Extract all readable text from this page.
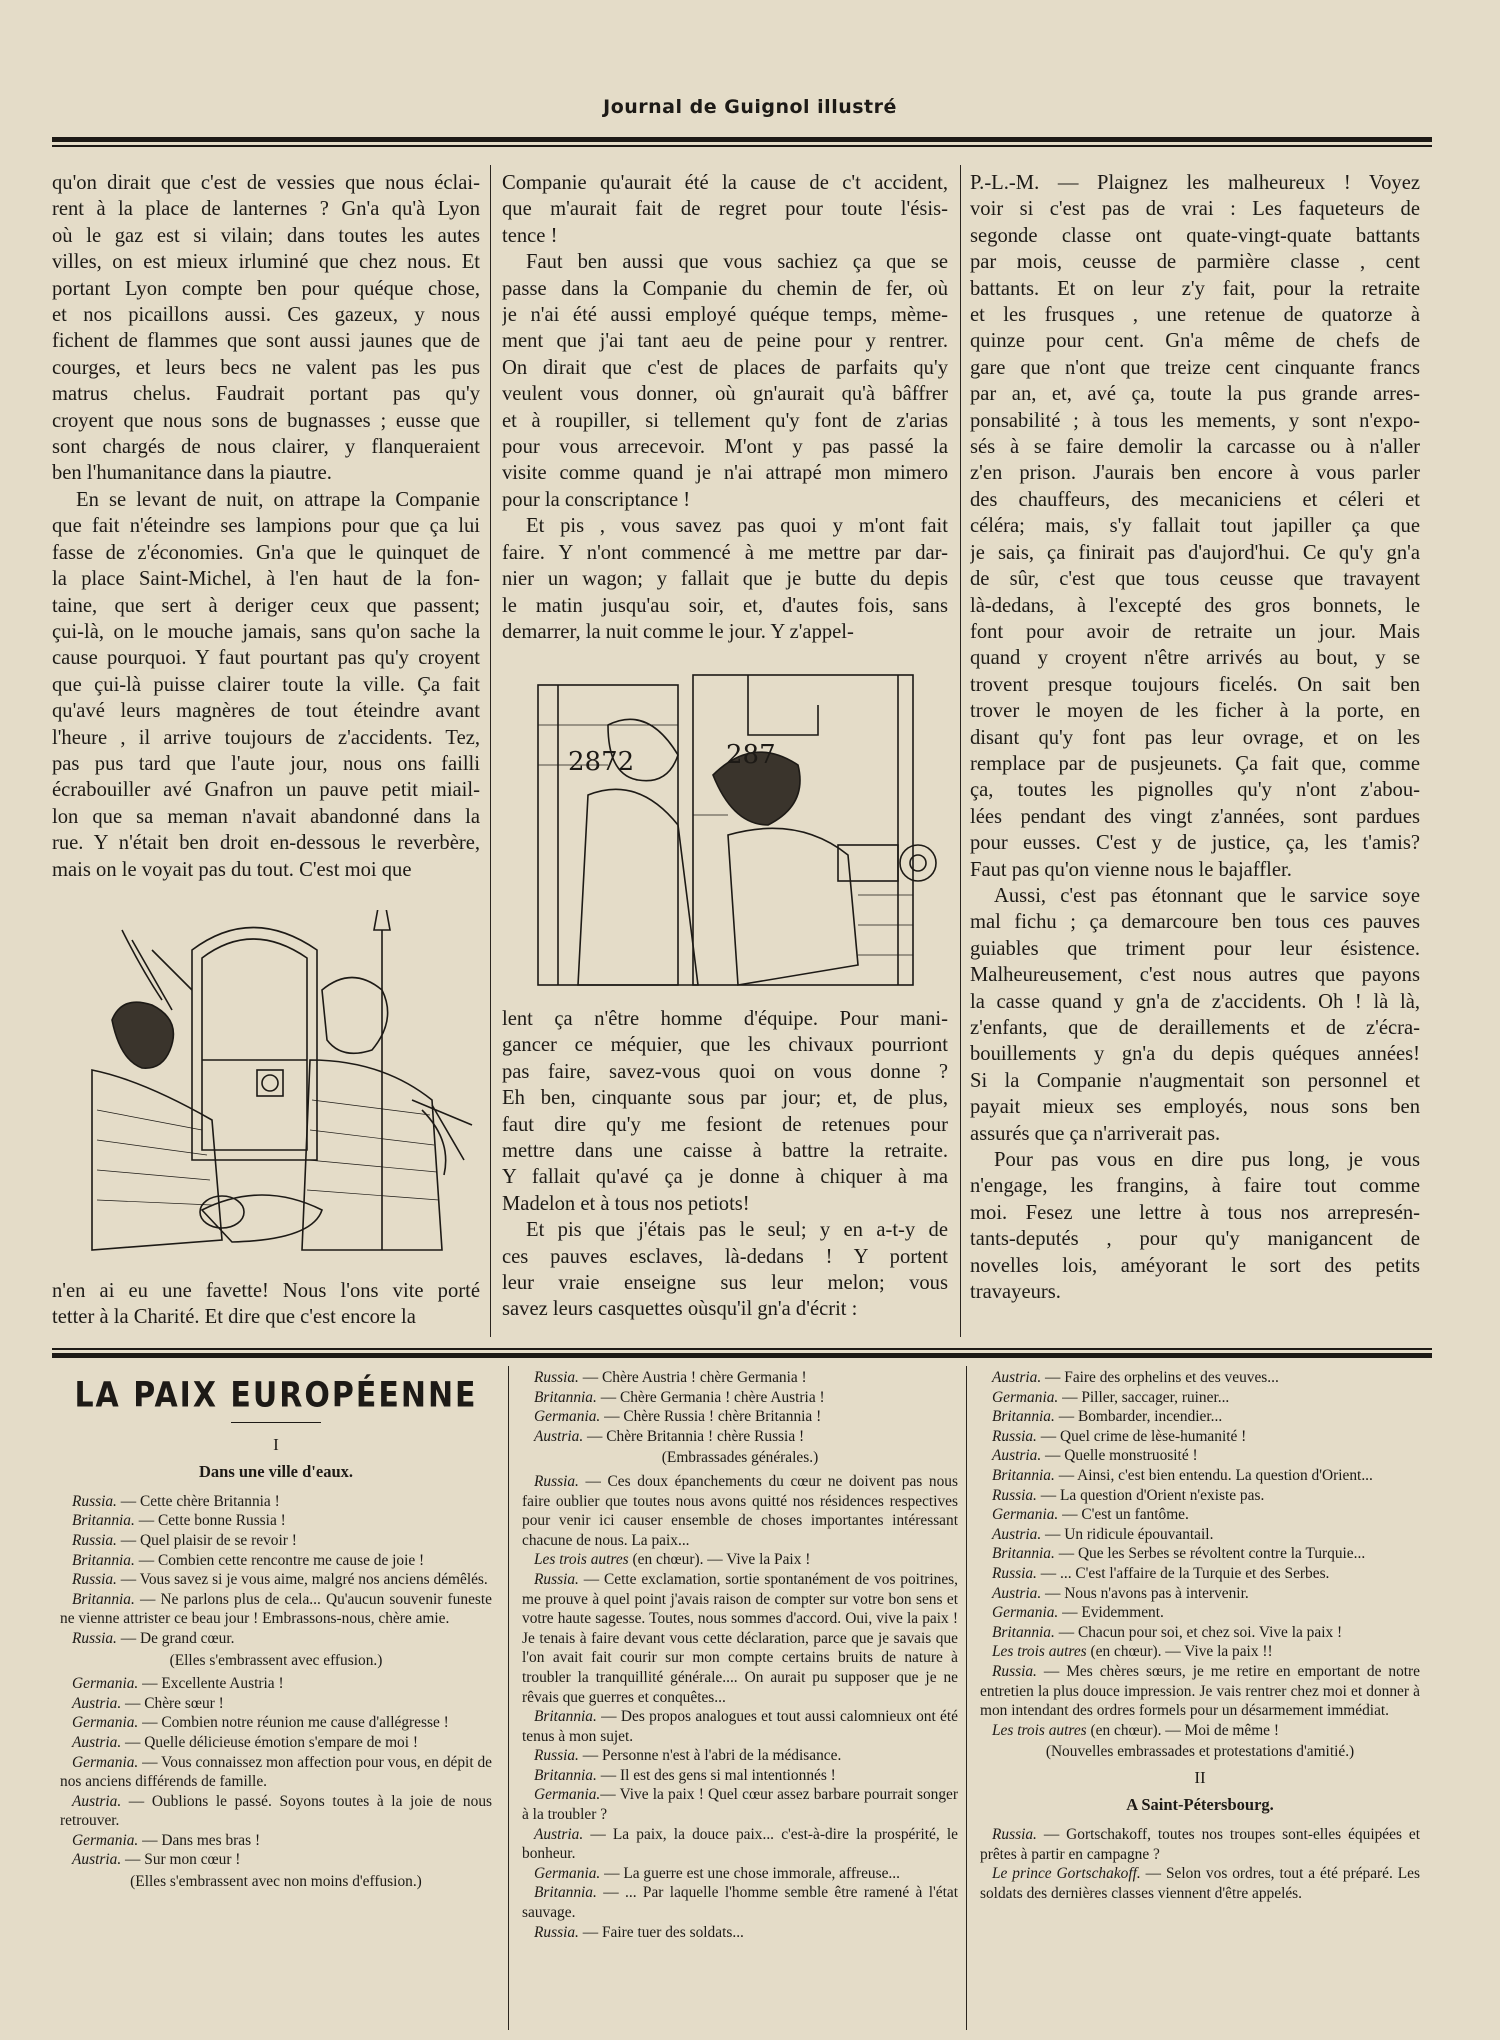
Journal de Guignol illustré

qu'on dirait que c'est de vessies que nous éclai-

rent à la place de lanternes ? Gn'a qu'à Lyon

où le gaz est si vilain; dans toutes les autes

villes, on est mieux irluminé que chez nous. Et

portant Lyon compte ben pour quéque chose,

et nos picaillons aussi. Ces gazeux, y nous

fichent de flammes que sont aussi jaunes que de

courges, et leurs becs ne valent pas les pus

matrus chelus. Faudrait portant pas qu'y

croyent que nous sons de bugnasses ; eusse que

sont chargés de nous clairer, y flanqueraient

ben l'humanitance dans la piautre.

En se levant de nuit, on attrape la Companie

que fait n'éteindre ses lampions pour que ça lui

fasse de z'économies. Gn'a que le quinquet de

la place Saint-Michel, à l'en haut de la fon-

taine, que sert à deriger ceux que passent;

çui-là, on le mouche jamais, sans qu'on sache la

cause pourquoi. Y faut pourtant pas qu'y croyent

que çui-là puisse clairer toute la ville. Ça fait

qu'avé leurs magnères de tout éteindre avant

l'heure , il arrive toujours de z'accidents. Tez,

pas pus tard que l'aute jour, nous ons failli

écrabouiller avé Gnafron un pauve petit miail-

lon que sa meman n'avait abandonné dans la

rue. Y n'était ben droit en-dessous le reverbère,

mais on le voyait pas du tout. C'est moi que

n'en ai eu une favette! Nous l'ons vite porté

tetter à la Charité. Et dire que c'est encore la

Companie qu'aurait été la cause de c't accident,

que m'aurait fait de regret pour toute l'ésis-

tence !

Faut ben aussi que vous sachiez ça que se

passe dans la Companie du chemin de fer, où

je n'ai été aussi employé quéque temps, mème-

ment que j'ai tant aeu de peine pour y rentrer.

On dirait que c'est de places de parfaits qu'y

veulent vous donner, où gn'aurait qu'à bâffrer

et à roupiller, si tellement qu'y font de z'arias

pour vous arrecevoir. M'ont y pas passé la

visite comme quand je n'ai attrapé mon mimero

pour la conscriptance !

Et pis , vous savez pas quoi y m'ont fait

faire. Y n'ont commencé à me mettre par dar-

nier un wagon; y fallait que je butte du depis

le matin jusqu'au soir, et, d'autes fois, sans

demarrer, la nuit comme le jour. Y z'appel-

2872	287

lent ça n'être homme d'équipe. Pour mani-

gancer ce méquier, que les chivaux pourriont

pas faire, savez-vous quoi on vous donne ?

Eh ben, cinquante sous par jour; et, de plus,

faut dire qu'y me fesiont de retenues pour

mettre dans une caisse à battre la retraite.

Y fallait qu'avé ça je donne à chiquer à ma

Madelon et à tous nos petiots!

Et pis que j'étais pas le seul; y en a-t-y de

ces pauves esclaves, là-dedans ! Y portent

leur vraie enseigne sus leur melon; vous

savez leurs casquettes oùsqu'il gn'a d'écrit :

P.-L.-M. — Plaignez les malheureux ! Voyez

voir si c'est pas de vrai : Les faqueteurs de

segonde classe ont quate-vingt-quate battants

par mois, ceusse de parmière classe , cent

battants. Et on leur z'y fait, pour la retraite

et les frusques , une retenue de quatorze à

quinze pour cent. Gn'a même de chefs de

gare que n'ont que treize cent cinquante francs

par an, et, avé ça, toute la pus grande arres-

ponsabilité ; à tous les mements, y sont n'expo-

sés à se faire demolir la carcasse ou à n'aller

z'en prison. J'aurais ben encore à vous parler

des chauffeurs, des mecaniciens et céleri et

céléra; mais, s'y fallait tout japiller ça que

je sais, ça finirait pas d'aujord'hui. Ce qu'y gn'a

de sûr, c'est que tous ceusse que travayent

là-dedans, à l'excepté des gros bonnets, le

font pour avoir de retraite un jour. Mais

quand y croyent n'être arrivés au bout, y se

trovent presque toujours ficelés. On sait ben

trover le moyen de les ficher à la porte, en

disant qu'y font pas leur ovrage, et on les

remplace par de pusjeunets. Ça fait que, comme

ça, toutes les pignolles qu'y n'ont z'abou-

lées pendant des vingt z'années, sont pardues

pour eusses. C'est y de justice, ça, les t'amis?

Faut pas qu'on vienne nous le bajaffler.

Aussi, c'est pas étonnant que le sarvice soye

mal fichu ; ça demarcoure ben tous ces pauves

guiables que triment pour leur ésistence.

Malheureusement, c'est nous autres que payons

la casse quand y gn'a de z'accidents. Oh ! là là,

z'enfants, que de deraillements et de z'écra-

bouillements y gn'a du depis quéques années!

Si la Companie n'augmentait son personnel et

payait mieux ses employés, nous sons ben

assurés que ça n'arriverait pas.

Pour pas vous en dire pus long, je vous

n'engage, les frangins, à faire tout comme

moi. Fesez une lettre à tous nos arrepresén-

tants-deputés , pour qu'y manigancent de

novelles lois, améyorant le sort des petits

travayeurs.

LA PAIX EUROPÉENNE
I
Dans une ville d'eaux.
Russia. — Cette chère Britannia !
Britannia. — Cette bonne Russia !
Russia. — Quel plaisir de se revoir !
Britannia. — Combien cette rencontre me cause de joie !
Russia. — Vous savez si je vous aime, malgré nos anciens démêlés.
Britannia. — Ne parlons plus de cela... Qu'aucun souvenir funeste ne vienne attrister ce beau jour ! Embrassons-nous, chère amie.
Russia. — De grand cœur.
(Elles s'embrassent avec effusion.)
Germania. — Excellente Austria !
Austria. — Chère sœur !
Germania. — Combien notre réunion me cause d'allégresse !
Austria. — Quelle délicieuse émotion s'empare de moi !
Germania. — Vous connaissez mon affection pour vous, en dépit de nos anciens différends de famille.
Austria. — Oublions le passé. Soyons toutes à la joie de nous retrouver.
Germania. — Dans mes bras !
Austria. — Sur mon cœur !
(Elles s'embrassent avec non moins d'effusion.)
Russia. — Chère Austria ! chère Germania !
Britannia. — Chère Germania ! chère Austria !
Germania. — Chère Russia ! chère Britannia !
Austria. — Chère Britannia ! chère Russia !
(Embrassades générales.)
Russia. — Ces doux épanchements du cœur ne doivent pas nous faire oublier que toutes nous avons quitté nos résidences respectives pour venir ici causer ensemble de choses importantes intéressant chacune de nous. La paix...
Les trois autres (en chœur). — Vive la Paix !
Russia. — Cette exclamation, sortie spontanément de vos poitrines, me prouve à quel point j'avais raison de compter sur votre bon sens et votre haute sagesse. Toutes, nous sommes d'accord. Oui, vive la paix ! Je tenais à faire devant vous cette déclaration, parce que je savais que l'on avait fait courir sur mon compte certains bruits de nature à troubler la tranquillité générale.... On aurait pu supposer que je ne rêvais que guerres et conquêtes...
Britannia. — Des propos analogues et tout aussi calomnieux ont été tenus à mon sujet.
Russia. — Personne n'est à l'abri de la médisance.
Britannia. — Il est des gens si mal intentionnés !
Germania.— Vive la paix ! Quel cœur assez barbare pourrait songer à la troubler ?
Austria. — La paix, la douce paix... c'est-à-dire la prospérité, le bonheur.
Germania. — La guerre est une chose immorale, affreuse...
Britannia. — ... Par laquelle l'homme semble être ramené à l'état sauvage.
Russia. — Faire tuer des soldats...
Austria. — Faire des orphelins et des veuves...
Germania. — Piller, saccager, ruiner...
Britannia. — Bombarder, incendier...
Russia. — Quel crime de lèse-humanité !
Austria. — Quelle monstruosité !
Britannia. — Ainsi, c'est bien entendu. La question d'Orient...
Russia. — La question d'Orient n'existe pas.
Germania. — C'est un fantôme.
Austria. — Un ridicule épouvantail.
Britannia. — Que les Serbes se révoltent contre la Turquie...
Russia. — ... C'est l'affaire de la Turquie et des Serbes.
Austria. — Nous n'avons pas à intervenir.
Germania. — Evidemment.
Britannia. — Chacun pour soi, et chez soi. Vive la paix !
Les trois autres (en chœur). — Vive la paix !!
Russia. — Mes chères sœurs, je me retire en emportant de notre entretien la plus douce impression. Je vais rentrer chez moi et donner à mon intendant des ordres formels pour un désarmement immédiat.
Les trois autres (en chœur). — Moi de même !
(Nouvelles embrassades et protestations d'amitié.)
II
A Saint-Pétersbourg.
Russia. — Gortschakoff, toutes nos troupes sont-elles équipées et prêtes à partir en campagne ?
Le prince Gortschakoff. — Selon vos ordres, tout a été préparé. Les soldats des dernières classes viennent d'être appelés.
